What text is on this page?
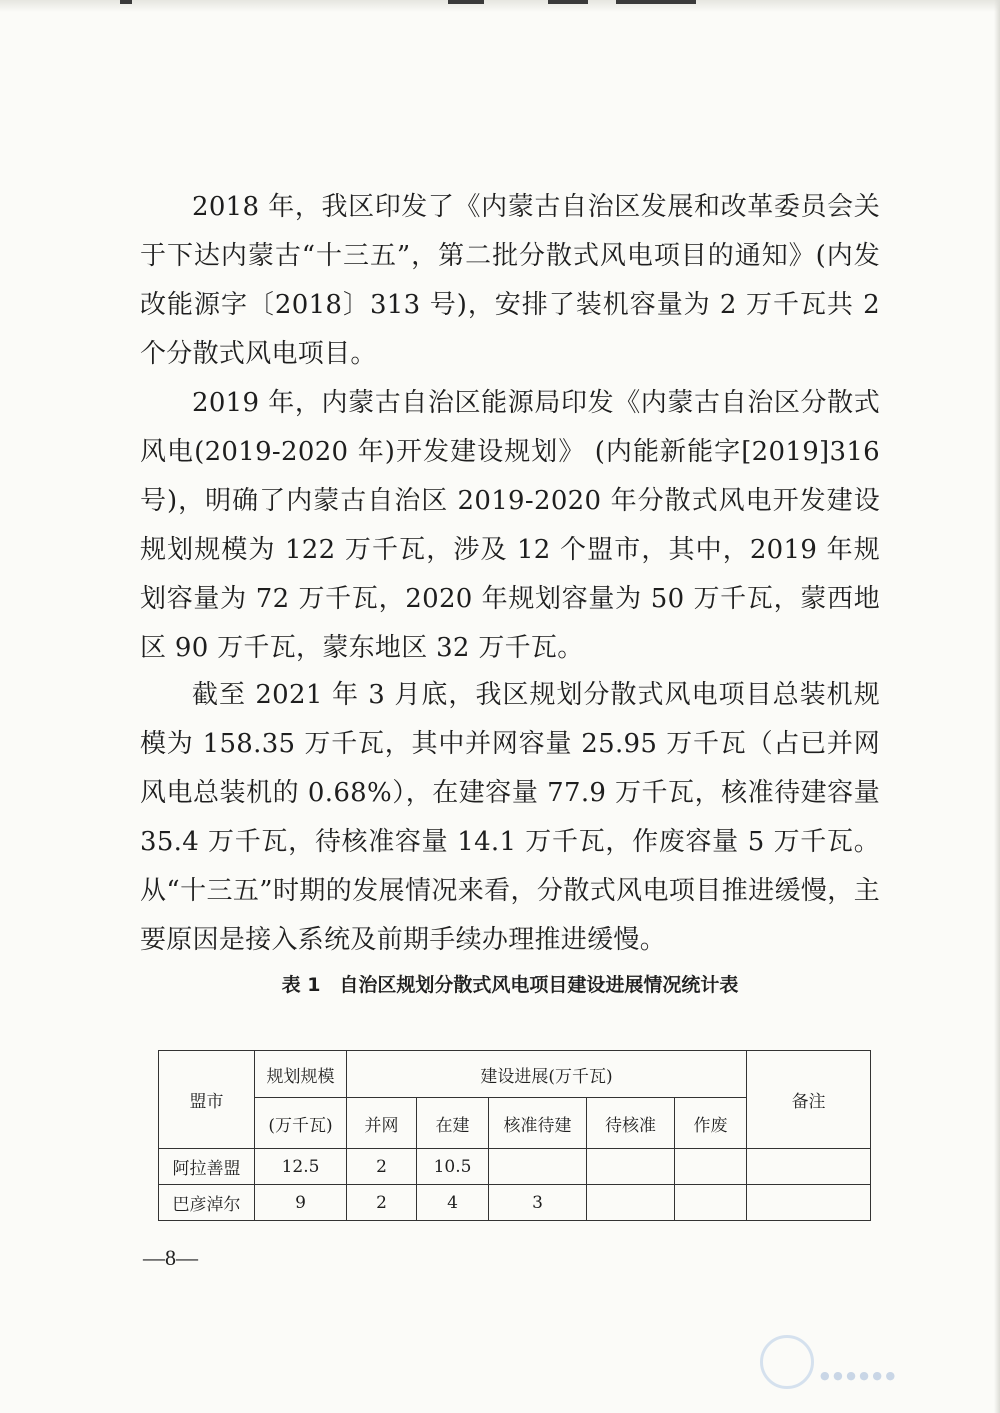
2018 年，我区印发了《内蒙古自治区发展和改革委员会关于下达内蒙古“十三五”，第二批分散式风电项目的通知》(内发改能源字〔2018〕313 号)，安排了装机容量为 2 万千瓦共 2 个分散式风电项目。

2019 年，内蒙古自治区能源局印发《内蒙古自治区分散式风电(2019-2020 年)开发建设规划》 (内能新能字[2019]316 号)，明确了内蒙古自治区 2019-2020 年分散式风电开发建设规划规模为 122 万千瓦，涉及 12 个盟市，其中，2019 年规划容量为 72 万千瓦，2020 年规划容量为 50 万千瓦，蒙西地区 90 万千瓦，蒙东地区 32 万千瓦。

截至 2021 年 3 月底，我区规划分散式风电项目总装机规模为 158.35 万千瓦，其中并网容量 25.95 万千瓦（占已并网风电总装机的 0.68%），在建容量 77.9 万千瓦，核准待建容量 35.4 万千瓦，待核准容量 14.1 万千瓦，作废容量 5 万千瓦。从“十三五”时期的发展情况来看，分散式风电项目推进缓慢，主要原因是接入系统及前期手续办理推进缓慢。

表 1　自治区规划分散式风电项目建设进展情况统计表
盟市	规划规模	建设进展(万千瓦)					备注
	(万千瓦)	并网	在建	核准待建	待核准	作废	
阿拉善盟	12.5	2	10.5				
巴彦淖尔	9	2	4	3			
—8—
● ● ● ● ● ●
